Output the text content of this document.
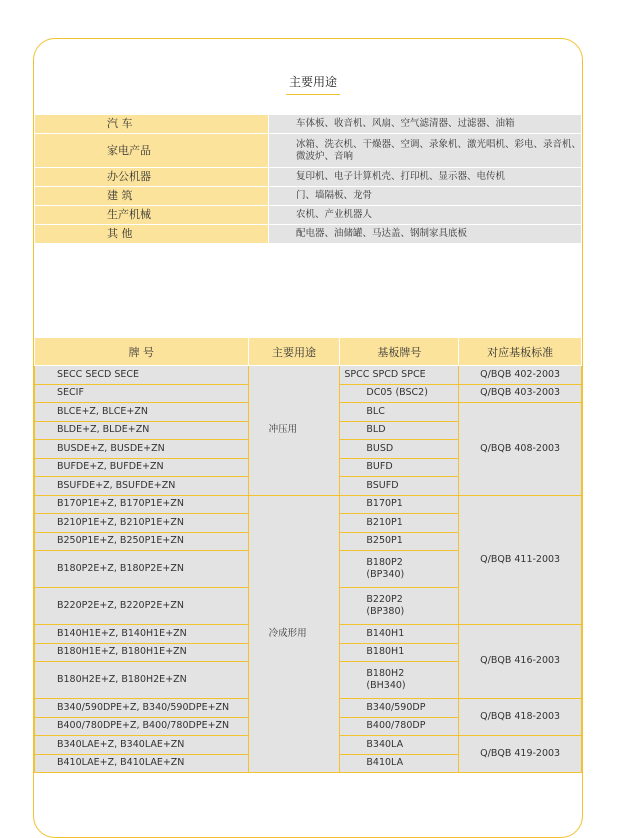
主要用途
汽 车	车体板、收音机、风扇、空气滤清器、过滤器、油箱
家电产品	冰箱、洗衣机、干燥器、空调、录象机、激光唱机、彩电、录音机、微波炉、音响

办公机器	复印机、电子计算机壳、打印机、显示器、电传机
建 筑	门、墙隔板、龙骨
生产机械	农机、产业机器人
其 他	配电器、油储罐、马达盖、钢制家具底板
牌 号	主要用途	基板牌号	对应基板标准
SECC SECD SECE	冲压用	SPCC SPCD SPCE	Q/BQB 402-2003
SECIF		DC05 (BSC2)	Q/BQB 403-2003
BLCE+Z, BLCE+ZN		BLC	Q/BQB 408-2003
BLDE+Z, BLDE+ZN		BLD	
BUSDE+Z, BUSDE+ZN		BUSD	
BUFDE+Z, BUFDE+ZN		BUFD	
BSUFDE+Z, BSUFDE+ZN		BSUFD	
B170P1E+Z, B170P1E+ZN	冷成形用	B170P1	Q/BQB 411-2003
B210P1E+Z, B210P1E+ZN		B210P1	
B250P1E+Z, B250P1E+ZN		B250P1	
B180P2E+Z, B180P2E+ZN		B180P2
(BP340)	

B220P2E+Z, B220P2E+ZN		B220P2
(BP380)	

B140H1E+Z, B140H1E+ZN		B140H1	Q/BQB 416-2003
B180H1E+Z, B180H1E+ZN		B180H1	
B180H2E+Z, B180H2E+ZN		B180H2
(BH340)	

B340/590DPE+Z, B340/590DPE+ZN		B340/590DP	Q/BQB 418-2003
B400/780DPE+Z, B400/780DPE+ZN		B400/780DP	
B340LAE+Z, B340LAE+ZN		B340LA	Q/BQB 419-2003
B410LAE+Z, B410LAE+ZN		B410LA	
